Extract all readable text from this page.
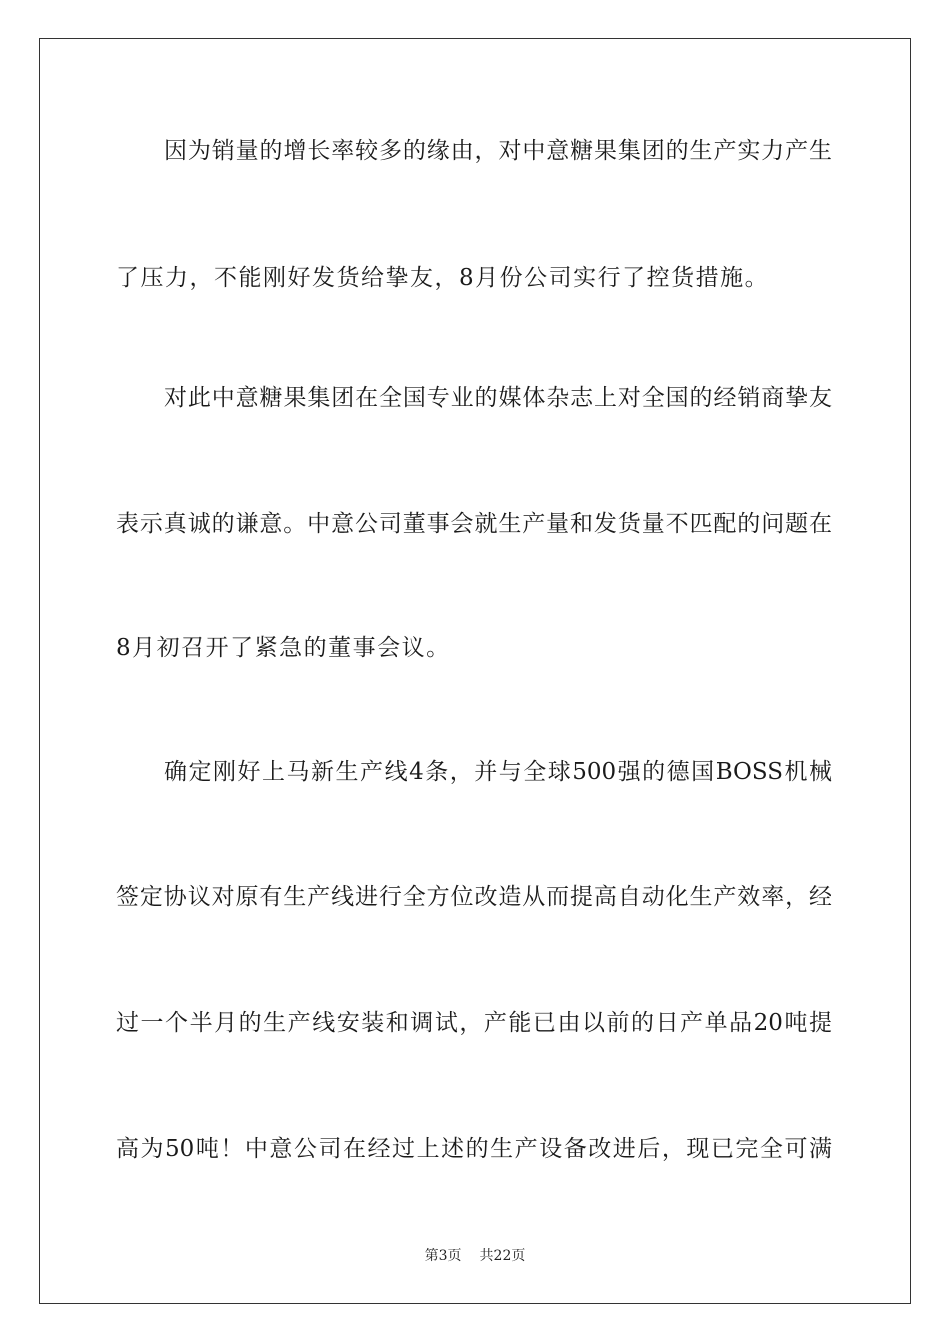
因为销量的增长率较多的缘由，对中意糖果集团的生产实力产生
了压力，不能刚好发货给挚友，8月份公司实行了控货措施。
对此中意糖果集团在全国专业的媒体杂志上对全国的经销商挚友
表示真诚的谦意。中意公司董事会就生产量和发货量不匹配的问题在
8月初召开了紧急的董事会议。
确定刚好上马新生产线4条，并与全球500强的德国BOSS机械
签定协议对原有生产线进行全方位改造从而提高自动化生产效率，经
过一个半月的生产线安装和调试，产能已由以前的日产单品20吨提
高为50吨！中意公司在经过上述的生产设备改进后，现已完全可满
第3页 共22页
